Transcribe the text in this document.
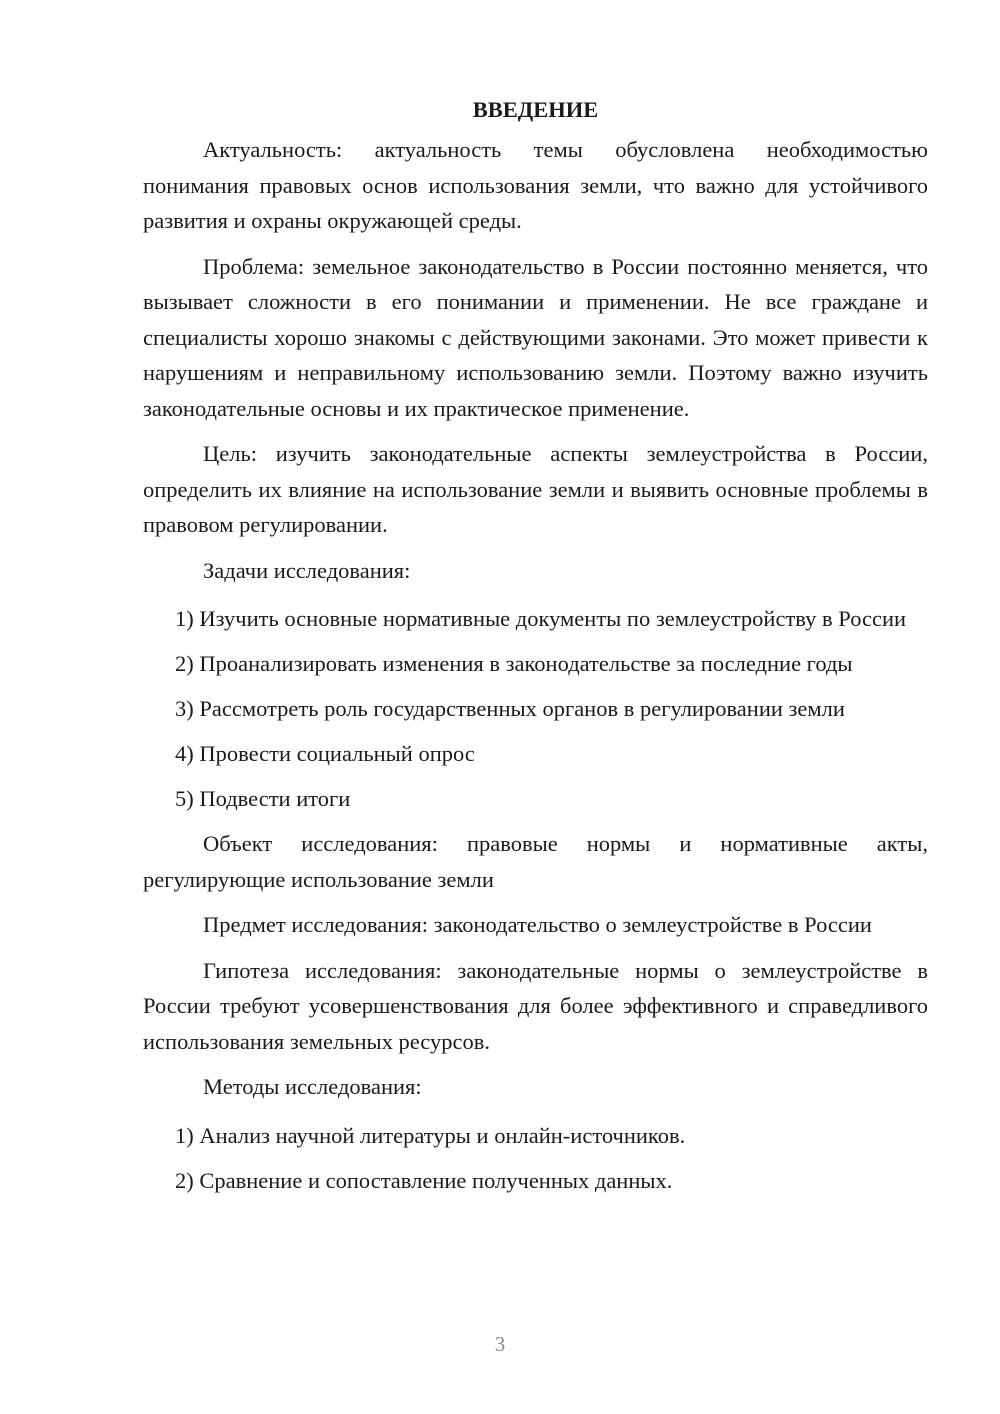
ВВЕДЕНИЕ

Актуальность: актуальность темы обусловлена необходимостью понимания правовых основ использования земли, что важно для устойчивого развития и охраны окружающей среды.

Проблема: земельное законодательство в России постоянно меняется, что вызывает сложности в его понимании и применении. Не все граждане и специалисты хорошо знакомы с действующими законами. Это может привести к нарушениям и неправильному использованию земли. Поэтому важно изучить законодательные основы и их практическое применение.

Цель: изучить законодательные аспекты землеустройства в России, определить их влияние на использование земли и выявить основные проблемы в правовом регулировании.

Задачи исследования:

1) Изучить основные нормативные документы по землеустройству в России

2) Проанализировать изменения в законодательстве за последние годы

3) Рассмотреть роль государственных органов в регулировании земли

4) Провести социальный опрос

5) Подвести итоги

Объект исследования: правовые нормы и нормативные акты, регулирующие использование земли

Предмет исследования: законодательство о землеустройстве в России

Гипотеза исследования: законодательные нормы о землеустройстве в России требуют усовершенствования для более эффективного и справедливого использования земельных ресурсов.

Методы исследования:

1) Анализ научной литературы и онлайн-источников.

2) Сравнение и сопоставление полученных данных.

3
